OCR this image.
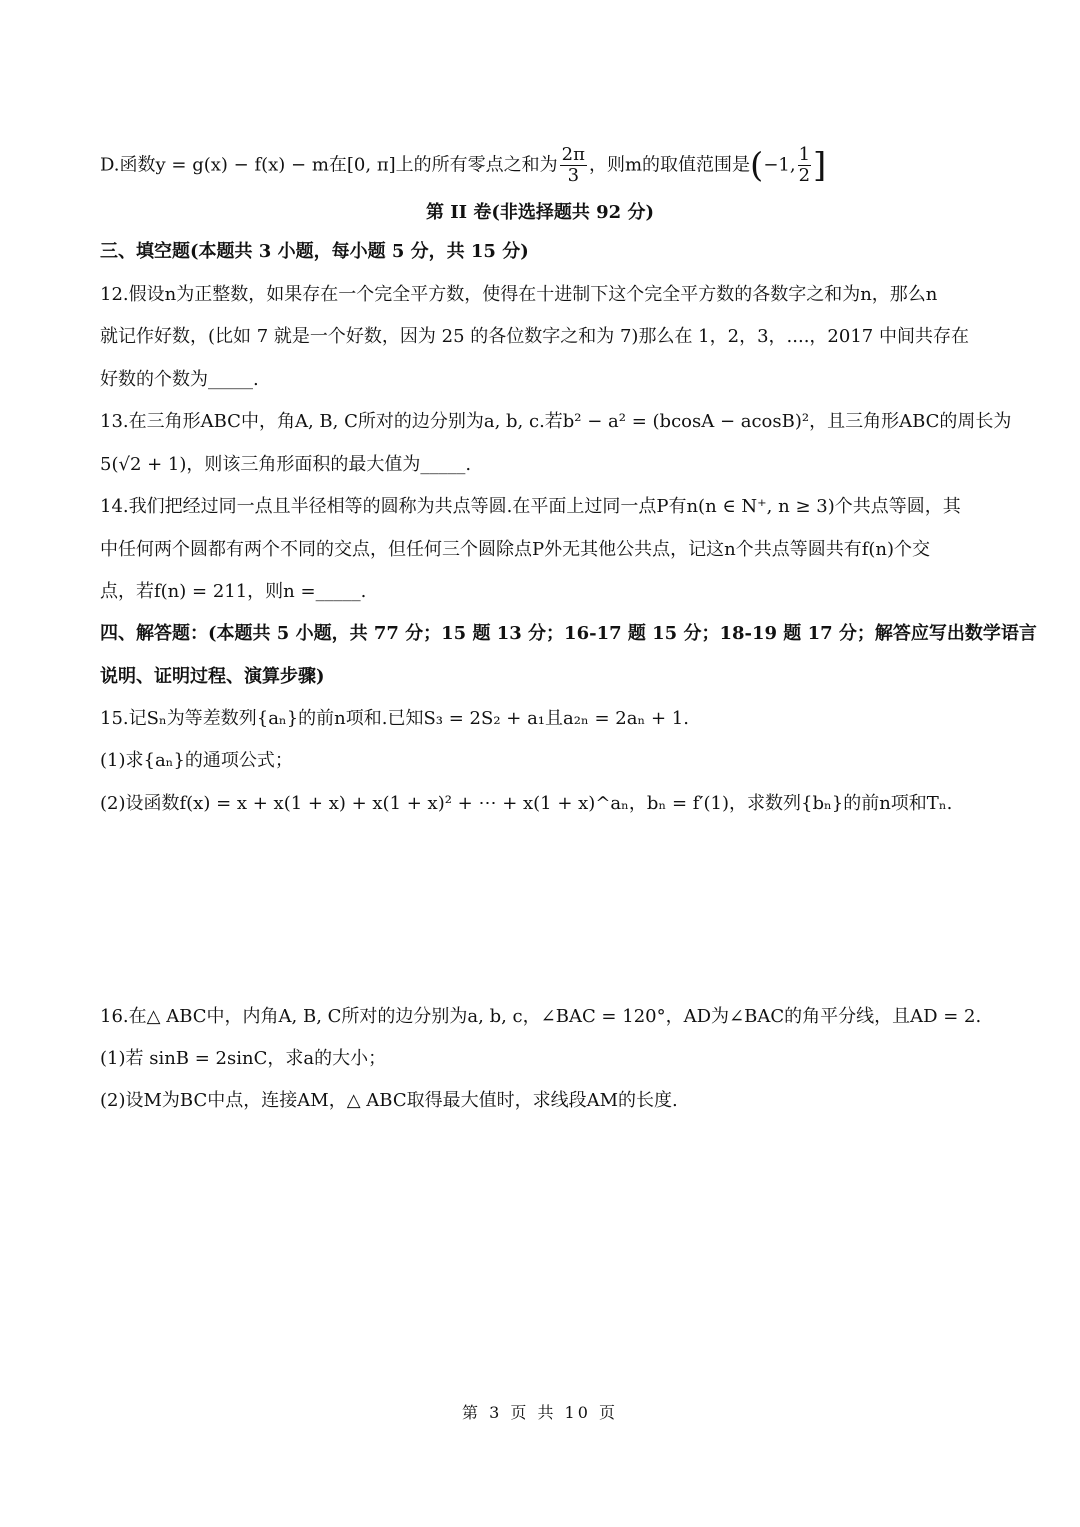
D.函数y = g(x) − f(x) − m在[0, π]上的所有零点之和为 $\frac{2\pi}{3}$ ，则m的取值范围是(−1, $\frac{1}{2}$ ]
第 II 卷(非选择题共 92 分)
三、填空题(本题共 3 小题，每小题 5 分，共 15 分)
12.假设n为正整数，如果存在一个完全平方数，使得在十进制下这个完全平方数的各数字之和为n，那么n
就记作好数，(比如 7 就是一个好数，因为 25 的各位数字之和为 7)那么在 1，2，3，....，2017 中间共存在
好数的个数为_____.
13.在三角形ABC中，角A, B, C所对的边分别为a, b, c.若b² − a² = (bcosA − acosB)²，且三角形ABC的周长为
5(√2 + 1)，则该三角形面积的最大值为_____.
14.我们把经过同一点且半径相等的圆称为共点等圆.在平面上过同一点P有n(n ∈ N⁺, n ≥ 3)个共点等圆，其
中任何两个圆都有两个不同的交点，但任何三个圆除点P外无其他公共点，记这n个共点等圆共有f(n)个交
点，若f(n) = 211，则n =_____.
四、解答题：(本题共 5 小题，共 77 分；15 题 13 分；16-17 题 15 分；18-19 题 17 分；解答应写出数学语言
说明、证明过程、演算步骤)
15.记Sₙ为等差数列{aₙ}的前n项和.已知S₃ = 2S₂ + a₁且a₂ₙ = 2aₙ + 1.
(1)求{aₙ}的通项公式；
(2)设函数f(x) = x + x(1 + x) + x(1 + x)² + ⋯ + x(1 + x)^aₙ，bₙ = f′(1)，求数列{bₙ}的前n项和Tₙ.
16.在△ ABC中，内角A, B, C所对的边分别为a, b, c，∠BAC = 120°，AD为∠BAC的角平分线，且AD = 2.
(1)若 sinB = 2sinC，求a的大小；
(2)设M为BC中点，连接AM，△ ABC取得最大值时，求线段AM的长度.
第 3 页 共 10 页
